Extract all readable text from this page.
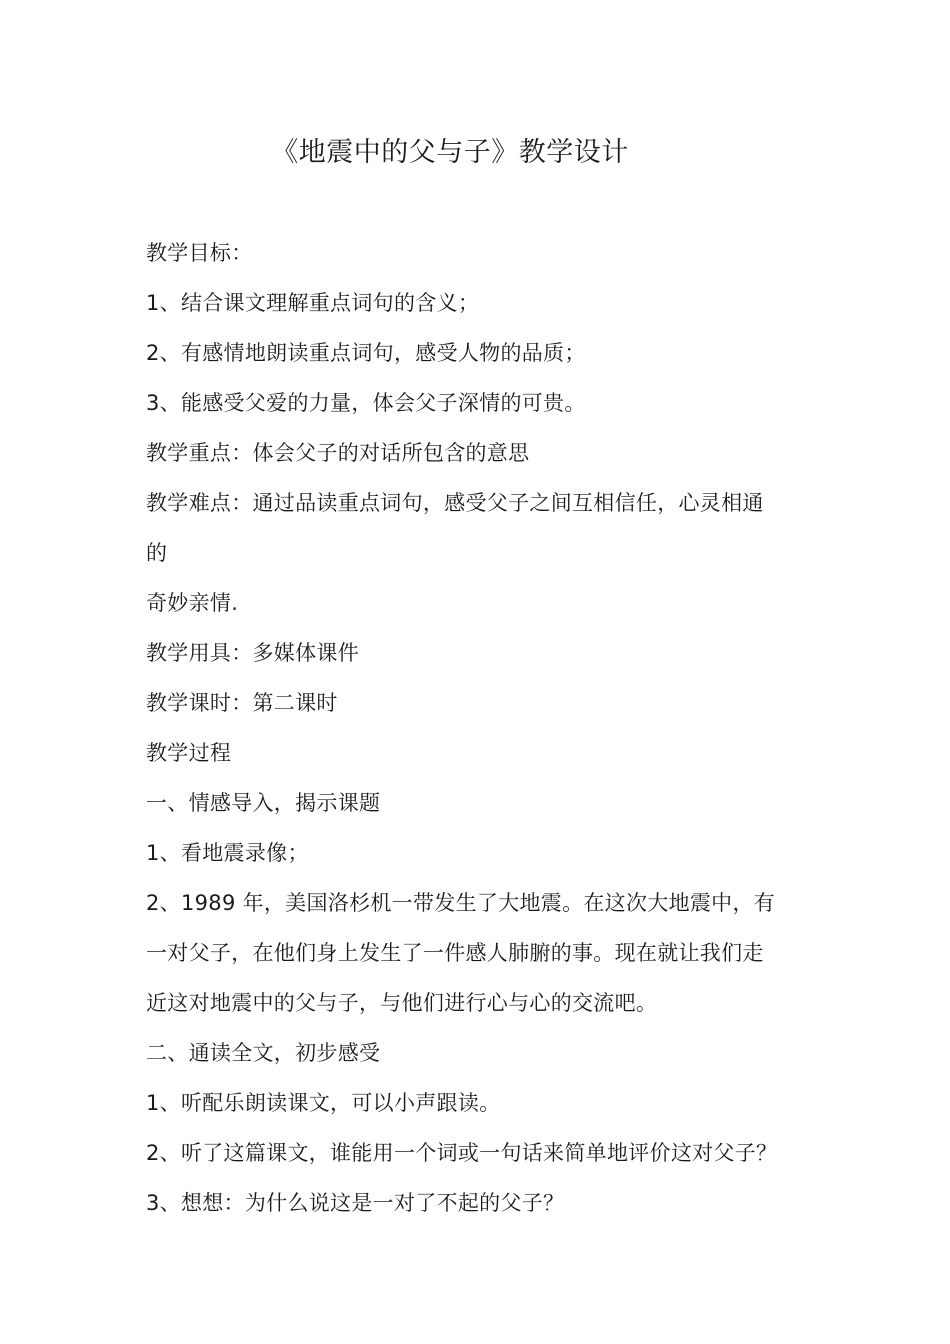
《地震中的父与子》教学设计
教学目标：
1、结合课文理解重点词句的含义；
2、有感情地朗读重点词句，感受人物的品质；
3、能感受父爱的力量，体会父子深情的可贵。
教学重点：体会父子的对话所包含的意思
教学难点：通过品读重点词句，感受父子之间互相信任，心灵相通
的
奇妙亲情.
教学用具：多媒体课件
教学课时：第二课时
教学过程
一、情感导入，揭示课题
1、看地震录像；
2、1989 年，美国洛杉机一带发生了大地震。在这次大地震中，有
一对父子，在他们身上发生了一件感人肺腑的事。现在就让我们走
近这对地震中的父与子，与他们进行心与心的交流吧。
二、通读全文，初步感受
1、听配乐朗读课文，可以小声跟读。
2、听了这篇课文，谁能用一个词或一句话来简单地评价这对父子？
3、想想：为什么说这是一对了不起的父子？
